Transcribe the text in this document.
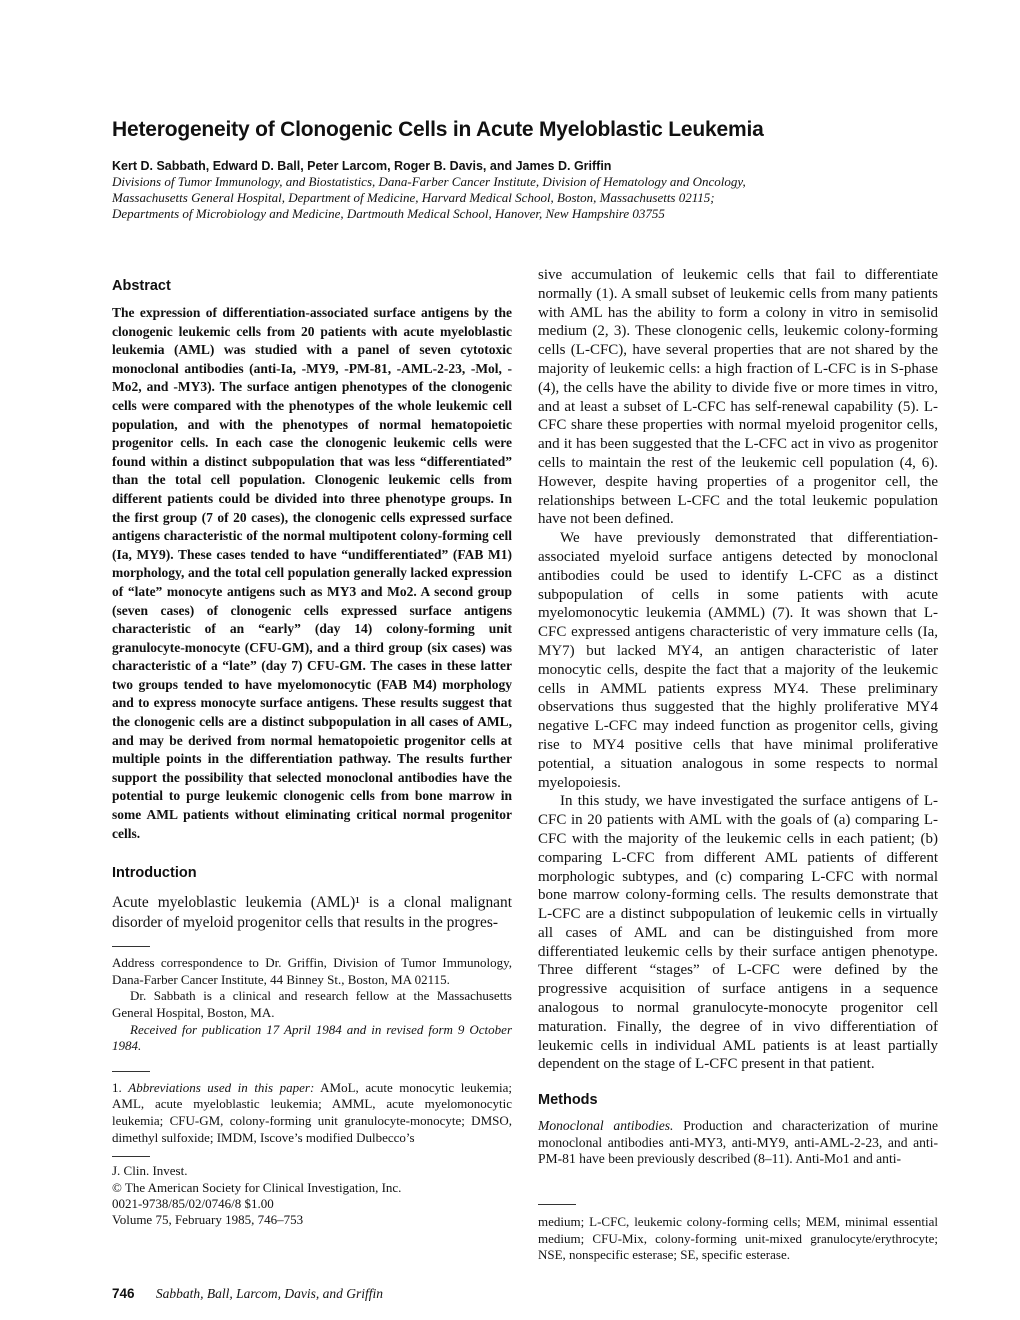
Heterogeneity of Clonogenic Cells in Acute Myeloblastic Leukemia
Kert D. Sabbath, Edward D. Ball, Peter Larcom, Roger B. Davis, and James D. Griffin
Divisions of Tumor Immunology, and Biostatistics, Dana-Farber Cancer Institute, Division of Hematology and Oncology,
Massachusetts General Hospital, Department of Medicine, Harvard Medical School, Boston, Massachusetts 02115;
Departments of Microbiology and Medicine, Dartmouth Medical School, Hanover, New Hampshire 03755
Abstract

The expression of differentiation-associated surface antigens by the clonogenic leukemic cells from 20 patients with acute myeloblastic leukemia (AML) was studied with a panel of seven cytotoxic monoclonal antibodies (anti-Ia, -MY9, -PM-81, -AML-2-23, -Mol, -Mo2, and -MY3). The surface antigen phenotypes of the clonogenic cells were compared with the phenotypes of the whole leukemic cell population, and with the phenotypes of normal hematopoietic progenitor cells. In each case the clonogenic leukemic cells were found within a distinct subpopulation that was less “differentiated” than the total cell population. Clonogenic leukemic cells from different patients could be divided into three phenotype groups. In the first group (7 of 20 cases), the clonogenic cells expressed surface antigens characteristic of the normal multipotent colony-forming cell (Ia, MY9). These cases tended to have “undifferentiated” (FAB M1) morphology, and the total cell population generally lacked expression of “late” monocyte antigens such as MY3 and Mo2. A second group (seven cases) of clonogenic cells expressed surface antigens characteristic of an “early” (day 14) colony-forming unit granulocyte-monocyte (CFU-GM), and a third group (six cases) was characteristic of a “late” (day 7) CFU-GM. The cases in these latter two groups tended to have myelomonocytic (FAB M4) morphology and to express monocyte surface antigens. These results suggest that the clonogenic cells are a distinct subpopulation in all cases of AML, and may be derived from normal hematopoietic progenitor cells at multiple points in the differentiation pathway. The results further support the possibility that selected monoclonal antibodies have the potential to purge leukemic clonogenic cells from bone marrow in some AML patients without eliminating critical normal progenitor cells.

Introduction

Acute myeloblastic leukemia (AML)¹ is a clonal malignant disorder of myeloid progenitor cells that results in the progres-

Address correspondence to Dr. Griffin, Division of Tumor Immunology, Dana-Farber Cancer Institute, 44 Binney St., Boston, MA 02115.

Dr. Sabbath is a clinical and research fellow at the Massachusetts General Hospital, Boston, MA.

Received for publication 17 April 1984 and in revised form 9 October 1984.

1. Abbreviations used in this paper: AMoL, acute monocytic leukemia; AML, acute myeloblastic leukemia; AMML, acute myelomonocytic leukemia; CFU-GM, colony-forming unit granulocyte-monocyte; DMSO, dimethyl sulfoxide; IMDM, Iscove’s modified Dulbecco’s

J. Clin. Invest.
© The American Society for Clinical Investigation, Inc.
0021-9738/85/02/0746/8 $1.00
Volume 75, February 1985, 746–753

sive accumulation of leukemic cells that fail to differentiate normally (1). A small subset of leukemic cells from many patients with AML has the ability to form a colony in vitro in semisolid medium (2, 3). These clonogenic cells, leukemic colony-forming cells (L-CFC), have several properties that are not shared by the majority of leukemic cells: a high fraction of L-CFC is in S-phase (4), the cells have the ability to divide five or more times in vitro, and at least a subset of L-CFC has self-renewal capability (5). L-CFC share these properties with normal myeloid progenitor cells, and it has been suggested that the L-CFC act in vivo as progenitor cells to maintain the rest of the leukemic cell population (4, 6). However, despite having properties of a progenitor cell, the relationships between L-CFC and the total leukemic population have not been defined.

We have previously demonstrated that differentiation-associated myeloid surface antigens detected by monoclonal antibodies could be used to identify L-CFC as a distinct subpopulation of cells in some patients with acute myelomonocytic leukemia (AMML) (7). It was shown that L-CFC expressed antigens characteristic of very immature cells (Ia, MY7) but lacked MY4, an antigen characteristic of later monocytic cells, despite the fact that a majority of the leukemic cells in AMML patients express MY4. These preliminary observations thus suggested that the highly proliferative MY4 negative L-CFC may indeed function as progenitor cells, giving rise to MY4 positive cells that have minimal proliferative potential, a situation analogous in some respects to normal myelopoiesis.

In this study, we have investigated the surface antigens of L-CFC in 20 patients with AML with the goals of (a) comparing L-CFC with the majority of the leukemic cells in each patient; (b) comparing L-CFC from different AML patients of different morphologic subtypes, and (c) comparing L-CFC with normal bone marrow colony-forming cells. The results demonstrate that L-CFC are a distinct subpopulation of leukemic cells in virtually all cases of AML and can be distinguished from more differentiated leukemic cells by their surface antigen phenotype. Three different “stages” of L-CFC were defined by the progressive acquisition of surface antigens in a sequence analogous to normal granulocyte-monocyte progenitor cell maturation. Finally, the degree of in vivo differentiation of leukemic cells in individual AML patients is at least partially dependent on the stage of L-CFC present in that patient.

Methods

Monoclonal antibodies. Production and characterization of murine monoclonal antibodies anti-MY3, anti-MY9, anti-AML-2-23, and anti-PM-81 have been previously described (8–11). Anti-Mo1 and anti-

medium; L-CFC, leukemic colony-forming cells; MEM, minimal essential medium; CFU-Mix, colony-forming unit-mixed granulocyte/erythrocyte; NSE, nonspecific esterase; SE, specific esterase.
746 Sabbath, Ball, Larcom, Davis, and Griffin
